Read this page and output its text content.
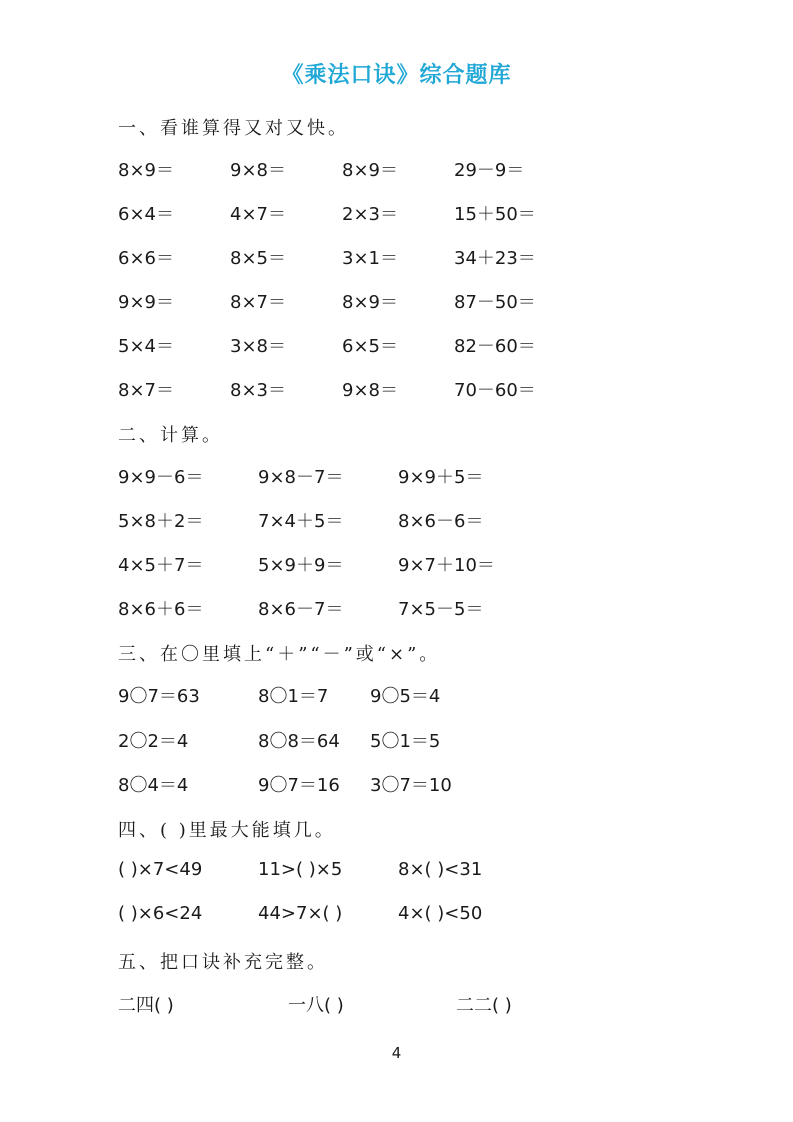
《乘法口诀》综合题库
一、看谁算得又对又快。
8×9＝	9×8＝	8×9＝	29－9＝
6×4＝	4×7＝	2×3＝	15＋50＝
6×6＝	8×5＝	3×1＝	34＋23＝
9×9＝	8×7＝	8×9＝	87－50＝
5×4＝	3×8＝	6×5＝	82－60＝
8×7＝	8×3＝	9×8＝	70－60＝
二、计算。
9×9－6＝	9×8－7＝	9×9＋5＝
5×8＋2＝	7×4＋5＝	8×6－6＝
4×5＋7＝	5×9＋9＝	9×7＋10＝
8×6＋6＝	8×6－7＝	7×5－5＝
三、在〇里填上“＋”“－”或“×”。
9〇7＝63	8〇1＝7 9〇5＝4
2〇2＝4	8〇8＝64 5〇1＝5
8〇4＝4	9〇7＝16 3〇7＝10
四、( )里最大能填几。
( )×7<49	11>( )×5	8×( )<31
( )×6<24	44>7×( )	4×( )<50
五、把口诀补充完整。
二四( )	一八( )	二二( )
4
